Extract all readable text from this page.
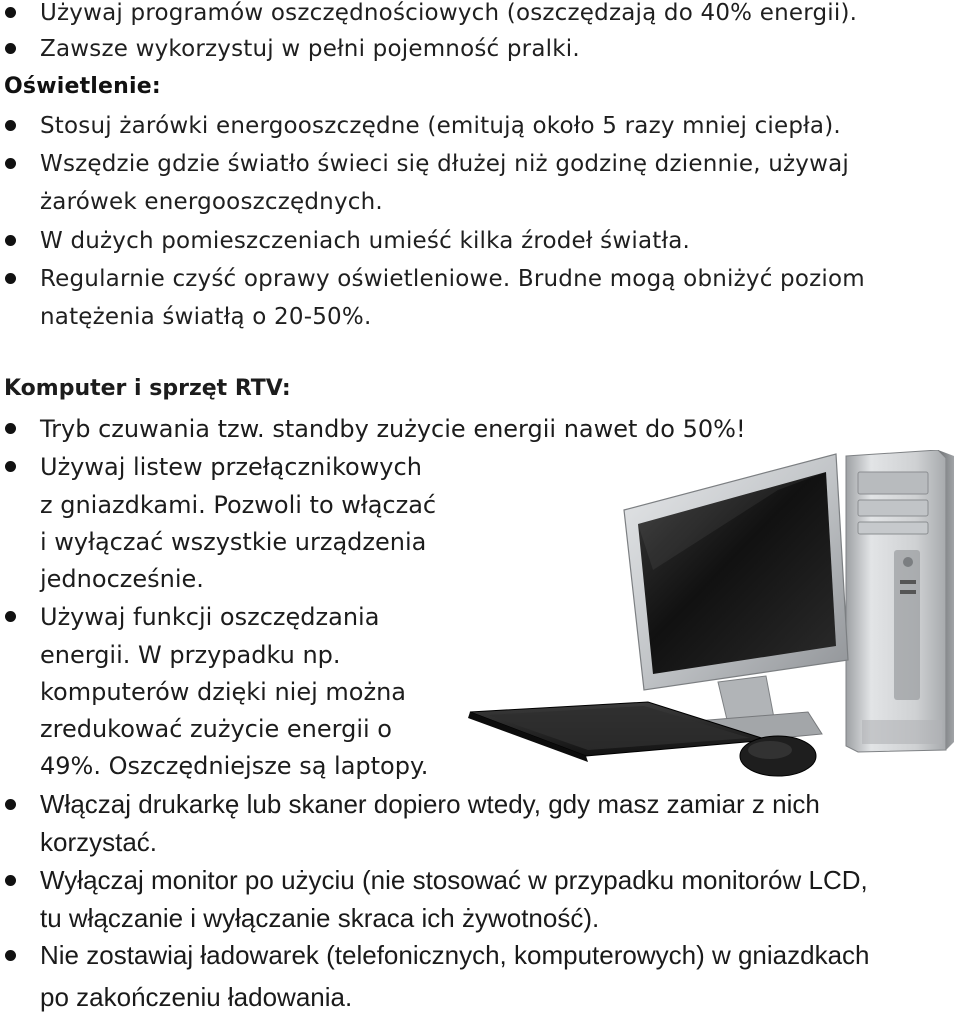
Używaj programów oszczędnościowych (oszczędzają do 40% energii).
Zawsze wykorzystuj w pełni pojemność pralki.
Oświetlenie:
Stosuj żarówki energooszczędne (emitują około 5 razy mniej ciepła).
Wszędzie gdzie światło świeci się dłużej niż godzinę dziennie, używaj
żarówek energooszczędnych.
W dużych pomieszczeniach umieść kilka źrodeł światła.
Regularnie czyść oprawy oświetleniowe. Brudne mogą obniżyć poziom
natężenia światłą o 20-50%.
Komputer i sprzęt RTV:
Tryb czuwania tzw. standby zużycie energii nawet do 50%!
Używaj listew przełącznikowych
z gniazdkami. Pozwoli to włączać
i wyłączać wszystkie urządzenia
jednocześnie.
Używaj funkcji oszczędzania
energii. W przypadku np.
komputerów dzięki niej można
zredukować zużycie energii o
49%. Oszczędniejsze są laptopy.
Włączaj drukarkę lub skaner dopiero wtedy, gdy masz zamiar z nich
korzystać.
Wyłączaj monitor po użyciu (nie stosować w przypadku monitorów LCD,
tu włączanie i wyłączanie skraca ich żywotność).
Nie zostawiaj ładowarek (telefonicznych, komputerowych) w gniazdkach
po zakończeniu ładowania.
